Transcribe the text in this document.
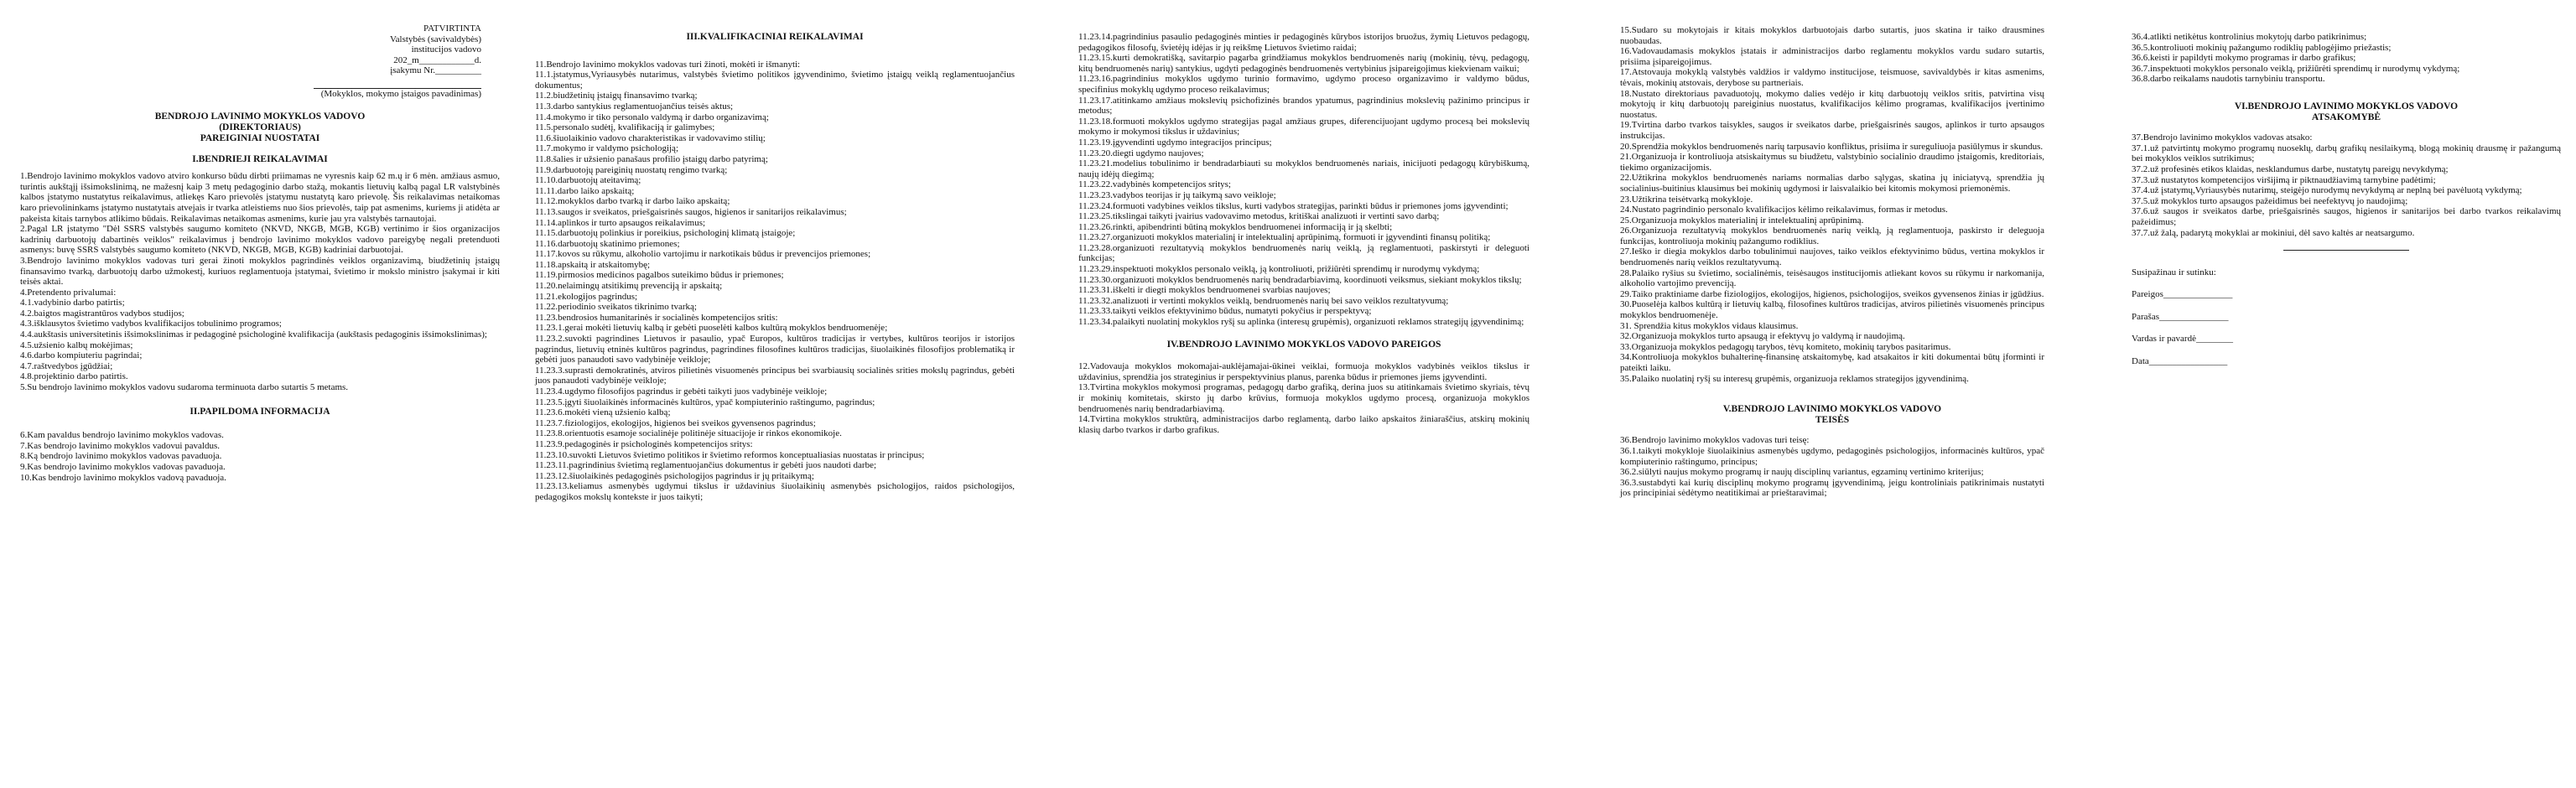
PATVIRTINTA
Valstybės (savivaldybės)
institucijos vadovo
202_m____________d.
įsakymu Nr.__________
(Mokyklos, mokymo įstaigos pavadinimas)
BENDROJO LAVINIMO MOKYKLOS VADOVO
(DIREKTORIAUS)
PAREIGINIAI NUOSTATAI
I.BENDRIEJI REIKALAVIMAI

1.Bendrojo lavinimo mokyklos vadovo atviro konkurso būdu dirbti priimamas ne vyresnis kaip 62 m.ų ir 6 mėn. amžiaus asmuo, turintis aukštąjį išsimokslinimą, ne mažesnį kaip 3 metų pedagoginio darbo stažą, mokantis lietuvių kalbą pagal LR valstybinės kalbos įstatymo nustatytus reikalavimus, atliekęs Karo prievolės įstatymu nustatytą karo prievolę. Šis reikalavimas netaikomas karo prievolininkams įstatymo nustatytais atvejais ir tvarka atleistiems nuo šios prievolės, taip pat asmenims, kuriems ji atidėta ar pakeista kitais tarnybos atlikimo būdais. Reikalavimas netaikomas asmenims, kurie jau yra valstybės tarnautojai.

2.Pagal LR įstatymo "Dėl SSRS valstybės saugumo komiteto (NKVD, NKGB, MGB, KGB) vertinimo ir šios organizacijos kadrinių darbuotojų dabartinės veiklos" reikalavimus į bendrojo lavinimo mokyklos vadovo pareigybę negali pretenduoti asmenys: buvę SSRS valstybės saugumo komiteto (NKVD, NKGB, MGB, KGB) kadriniai darbuotojai.

3.Bendrojo lavinimo mokyklos vadovas turi gerai žinoti mokyklos pagrindinės veiklos organizavimą, biudžetinių įstaigų finansavimo tvarką, darbuotojų darbo užmokestį, kuriuos reglamentuoja įstatymai, švietimo ir mokslo ministro įsakymai ir kiti teisės aktai.

4.Pretendento privalumai:

4.1.vadybinio darbo patirtis;

4.2.baigtos magistrantūros vadybos studijos;

4.3.išklausytos švietimo vadybos kvalifikacijos tobulinimo programos;

4.4.aukštasis universitetinis išsimokslinimas ir pedagoginė psichologinė kvalifikacija (aukštasis pedagoginis išsimokslinimas);

4.5.užsienio kalbų mokėjimas;

4.6.darbo kompiuteriu pagrindai;

4.7.raštvedybos įgūdžiai;

4.8.projektinio darbo patirtis.

5.Su bendrojo lavinimo mokyklos vadovu sudaroma terminuota darbo sutartis 5 metams.

II.PAPILDOMA INFORMACIJA

6.Kam pavaldus bendrojo lavinimo mokyklos vadovas.

7.Kas bendrojo lavinimo mokyklos vadovui pavaldus.

8.Ką bendrojo lavinimo mokyklos vadovas pavaduoja.

9.Kas bendrojo lavinimo mokyklos vadovas pavaduoja.

10.Kas bendrojo lavinimo mokyklos vadovą pavaduoja.

III.KVALIFIKACINIAI REIKALAVIMAI

11.Bendrojo lavinimo mokyklos vadovas turi žinoti, mokėti ir išmanyti:

11.1.įstatymus,Vyriausybės nutarimus, valstybės švietimo politikos įgyvendinimo, švietimo įstaigų veiklą reglamentuojančius dokumentus;

11.2.biudžetinių įstaigų finansavimo tvarką;

11.3.darbo santykius reglamentuojančius teisės aktus;

11.4.mokymo ir tiko personalo valdymą ir darbo organizavimą;

11.5.personalo sudėtį, kvalifikaciją ir galimybes;

11.6.šiuolaikinio vadovo charakteristikas ir vadovavimo stilių;

11.7.mokymo ir valdymo psichologiją;

11.8.šalies ir užsienio panašaus profilio įstaigų darbo patyrimą;

11.9.darbuotojų pareiginių nuostatų rengimo tvarką;

11.10.darbuotojų ateitavimą;

11.11.darbo laiko apskaitą;

11.12.mokyklos darbo tvarką ir darbo laiko apskaitą;

11.13.saugos ir sveikatos, priešgaisrinės saugos, higienos ir sanitarijos reikalavimus;

11.14.aplinkos ir turto apsaugos reikalavimus;

11.15.darbuotojų polinkius ir poreikius, psichologinį klimatą įstaigoje;

11.16.darbuotojų skatinimo priemones;

11.17.kovos su rūkymu, alkoholio vartojimu ir narkotikais būdus ir prevencijos priemones;

11.18.apskaitą ir atskaitomybę;

11.19.pirmosios medicinos pagalbos suteikimo būdus ir priemones;

11.20.nelaimingų atsitikimų prevenciją ir apskaitą;

11.21.ekologijos pagrindus;

11.22.periodinio sveikatos tikrinimo tvarką;

11.23.bendrosios humanitarinės ir socialinės kompetencijos sritis:

11.23.1.gerai mokėti lietuvių kalbą ir gebėti puoselėti kalbos kultūrą mokyklos bendruomenėje;

11.23.2.suvokti pagrindines Lietuvos ir pasaulio, ypač Europos, kultūros tradicijas ir vertybes, kultūros teorijos ir istorijos pagrindus, lietuvių etninės kultūros pagrindus, pagrindines filosofines kultūros tradicijas, šiuolaikinės filosofijos problematiką ir gebėti juos panaudoti savo vadybinėje veikloje;

11.23.3.suprasti demokratinės, atviros pilietinės visuomenės principus bei svarbiausių socialinės srities mokslų pagrindus, gebėti juos panaudoti vadybinėje veikloje;

11.23.4.ugdymo filosofijos pagrindus ir gebėti taikyti juos vadybinėje veikloje;

11.23.5.įgyti šiuolaikinės informacinės kultūros, ypač kompiuterinio raštingumo, pagrindus;

11.23.6.mokėti vieną užsienio kalbą;

11.23.7.fiziologijos, ekologijos, higienos bei sveikos gyvensenos pagrindus;

11.23.8.orientuotis esamoje socialinėje politinėje situacijoje ir rinkos ekonomikoje.

11.23.9.pedagoginės ir psichologinės kompetencijos sritys:

11.23.10.suvokti Lietuvos švietimo politikos ir švietimo reformos konceptualiasias nuostatas ir principus;

11.23.11.pagrindinius švietimą reglamentuojančius dokumentus ir gebėti juos naudoti darbe;

11.23.12.šiuolaikinės pedagoginės psichologijos pagrindus ir jų pritaikymą;

11.23.13.keliamus asmenybės ugdymui tikslus ir uždavinius šiuolaikinių asmenybės psichologijos, raidos psichologijos, pedagogikos mokslų kontekste ir juos taikyti;

11.23.14.pagrindinius pasaulio pedagoginės minties ir pedagoginės kūrybos istorijos bruožus, žymių Lietuvos pedagogų, pedagogikos filosofų, švietėjų idėjas ir jų reikšmę Lietuvos švietimo raidai;

11.23.15.kurti demokratišką, savitarpio pagarba grindžiamus mokyklos bendruomenės narių (mokinių, tėvų, pedagogų, kitų bendruomenės narių) santykius, ugdyti pedagoginės bendruomenės vertybinius įsipareigojimus kiekvienam vaikui;

11.23.16.pagrindinius mokyklos ugdymo turinio formavimo, ugdymo proceso organizavimo ir valdymo būdus, specifinius mokyklų ugdymo proceso reikalavimus;

11.23.17.atitinkamo amžiaus mokslevių psichofizinės brandos ypatumus, pagrindinius mokslevių pažinimo principus ir metodus;

11.23.18.formuoti mokyklos ugdymo strategijas pagal amžiaus grupes, diferencijuojant ugdymo procesą bei mokslevių mokymo ir mokymosi tikslus ir uždavinius;

11.23.19.įgyvendinti ugdymo integracijos principus;

11.23.20.diegti ugdymo naujoves;

11.23.21.modelius tobulinimo ir bendradarbiauti su mokyklos bendruomenės nariais, inicijuoti pedagogų kūrybiškumą, naujų idėjų diegimą;

11.23.22.vadybinės kompetencijos sritys;

11.23.23.vadybos teorijas ir jų taikymą savo veikloje;

11.23.24.formuoti vadybines veiklos tikslus, kurti vadybos strategijas, parinkti būdus ir priemones joms įgyvendinti;

11.23.25.tikslingai taikyti įvairius vadovavimo metodus, kritiškai analizuoti ir vertinti savo darbą;

11.23.26.rinkti, apibendrinti būtiną mokyklos bendruomenei informaciją ir ją skelbti;

11.23.27.organizuoti mokyklos materialinį ir intelektualinį aprūpinimą, formuoti ir įgyvendinti finansų politiką;

11.23.28.organizuoti rezultatyvią mokyklos bendruomenės narių veiklą, ją reglamentuoti, paskirstyti ir deleguoti funkcijas;

11.23.29.inspektuoti mokyklos personalo veiklą, ją kontroliuoti, prižiūrėti sprendimų ir nurodymų vykdymą;

11.23.30.organizuoti mokyklos bendruomenės narių bendradarbiavimą, koordinuoti veiksmus, siekiant mokyklos tikslų;

11.23.31.iškelti ir diegti mokyklos bendruomenei svarbias naujoves;

11.23.32.analizuoti ir vertinti mokyklos veiklą, bendruomenės narių bei savo veiklos rezultatyvumą;

11.23.33.taikyti veiklos efektyvinimo būdus, numatyti pokyčius ir perspektyvą;

11.23.34.palaikyti nuolatinį mokyklos ryšį su aplinka (interesų grupėmis), organizuoti reklamos strategijų įgyvendinimą;

IV.BENDROJO LAVINIMO MOKYKLOS VADOVO PAREIGOS

12.Vadovauja mokyklos mokomajai-auklėjamajai-ūkinei veiklai, formuoja mokyklos vadybinės veiklos tikslus ir uždavinius, sprendžia jos strateginius ir perspektyvinius planus, parenka būdus ir priemones jiems įgyvendinti.

13.Tvirtina mokyklos mokymosi programas, pedagogų darbo grafiką, derina juos su atitinkamais švietimo skyriais, tėvų ir mokinių komitetais, skirsto jų darbo krūvius, formuoja mokyklos ugdymo procesą, organizuoja mokyklos bendruomenės narių bendradarbiavimą.

14.Tvirtina mokyklos struktūrą, administracijos darbo reglamentą, darbo laiko apskaitos žiniaraščius, atskirų mokinių klasių darbo tvarkos ir darbo grafikus.

15.Sudaro su mokytojais ir kitais mokyklos darbuotojais darbo sutartis, juos skatina ir taiko drausmines nuobaudas.

16.Vadovaudamasis mokyklos įstatais ir administracijos darbo reglamentu mokyklos vardu sudaro sutartis, prisiima įsipareigojimus.

17.Atstovauja mokyklą valstybės valdžios ir valdymo institucijose, teismuose, savivaldybės ir kitas asmenims, tėvais, mokinių atstovais, derybose su partneriais.

18.Nustato direktoriaus pavaduotojų, mokymo dalies vedėjo ir kitų darbuotojų veiklos sritis, patvirtina visų mokytojų ir kitų darbuotojų pareiginius nuostatus, kvalifikacijos kėlimo programas, kvalifikacijos įvertinimo nuostatus.

19.Tvirtina darbo tvarkos taisykles, saugos ir sveikatos darbe, priešgaisrinės saugos, aplinkos ir turto apsaugos instrukcijas.

20.Sprendžia mokyklos bendruomenės narių tarpusavio konfliktus, prisiima ir sureguliuoja pasiūlymus ir skundus.

21.Organizuoja ir kontroliuoja atsiskaitymus su biudžetu, valstybinio socialinio draudimo įstaigomis, kreditoriais, tiekimo organizacijomis.

22.Užtikrina mokyklos bendruomenės nariams normalias darbo sąlygas, skatina jų iniciatyvą, sprendžia jų socialinius-buitinius klausimus bei mokinių ugdymosi ir laisvalaikio bei kitomis mokymosi priemonėmis.

23.Užtikrina teisėtvarką mokykloje.

24.Nustato pagrindinio personalo kvalifikacijos kėlimo reikalavimus, formas ir metodus.

25.Organizuoja mokyklos materialinį ir intelektualinį aprūpinimą.

26.Organizuoja rezultatyvią mokyklos bendruomenės narių veiklą, ją reglamentuoja, paskirsto ir deleguoja funkcijas, kontroliuoja mokinių pažangumo rodiklius.

27.Ieško ir diegia mokyklos darbo tobulinimui naujoves, taiko veiklos efektyvinimo būdus, vertina mokyklos ir bendruomenės narių veiklos rezultatyvumą.

28.Palaiko ryšius su švietimo, socialinėmis, teisėsaugos institucijomis atliekant kovos su rūkymu ir narkomanija, alkoholio vartojimo prevenciją.

29.Taiko praktiniame darbe fiziologijos, ekologijos, higienos, psichologijos, sveikos gyvensenos žinias ir įgūdžius.

30.Puoselėja kalbos kultūrą ir lietuvių kalbą, filosofines kultūros tradicijas, atviros pilietinės visuomenės principus mokyklos bendruomenėje.

31. Sprendžia kitus mokyklos vidaus klausimus.

32.Organizuoja mokyklos turto apsaugą ir efektyvų jo valdymą ir naudojimą.

33.Organizuoja mokyklos pedagogų tarybos, tėvų komiteto, mokinių tarybos pasitarimus.

34.Kontroliuoja mokyklos buhalterinę-finansinę atskaitomybę, kad atsakaitos ir kiti dokumentai būtų įforminti ir pateikti laiku.

35.Palaiko nuolatinį ryšį su interesų grupėmis, organizuoja reklamos strategijos įgyvendinimą.

V.BENDROJO LAVINIMO MOKYKLOS VADOVO
TEISĖS

36.Bendrojo lavinimo mokyklos vadovas turi teisę:

36.1.taikyti mokykloje šiuolaikinius asmenybės ugdymo, pedagoginės psichologijos, informacinės kultūros, ypač kompiuterinio raštingumo, principus;

36.2.siūlyti naujus mokymo programų ir naujų disciplinų variantus, egzaminų vertinimo kriterijus;

36.3.sustabdyti kai kurių disciplinų mokymo programų įgyvendinimą, jeigu kontroliniais patikrinimais nustatyti jos principiniai sėdėtymo neatitikimai ar prieštaravimai;

36.4.atlikti netikėtus kontrolinius mokytojų darbo patikrinimus;

36.5.kontroliuoti mokinių pažangumo rodiklių pablogėjimo priežastis;

36.6.keisti ir papildyti mokymo programas ir darbo grafikus;

36.7.inspektuoti mokyklos personalo veiklą, prižiūrėti sprendimų ir nurodymų vykdymą;

36.8.darbo reikalams naudotis tarnybiniu transportu.

VI.BENDROJO LAVINIMO MOKYKLOS VADOVO
ATSAKOMYBĖ

37.Bendrojo lavinimo mokyklos vadovas atsako:

37.1.už patvirtintų mokymo programų nuoseklų, darbų grafikų nesilaikymą, blogą mokinių drausmę ir pažangumą bei mokyklos veiklos sutrikimus;

37.2.už profesinės etikos klaidas, nesklandumus darbe, nustatytų pareigų nevykdymą;

37.3.už nustatytos kompetencijos viršijimą ir piktnaudžiavimą tarnybine padėtimi;

37.4.už įstatymų,Vyriausybės nutarimų, steigėjo nurodymų nevykdymą ar neplną bei pavėluotą vykdymą;

37.5.už mokyklos turto apsaugos pažeidimus bei neefektyvų jo naudojimą;

37.6.už saugos ir sveikatos darbe, priešgaisrinės saugos, higienos ir sanitarijos bei darbo tvarkos reikalavimų pažeidimus;

37.7.už žalą, padarytą mokyklai ar mokiniui, dėl savo kaltės ar neatsargumo.

Susipažinau ir sutinku:
Pareigos_______________
Parašas_______________
Vardas ir pavardė________
Data_________________
